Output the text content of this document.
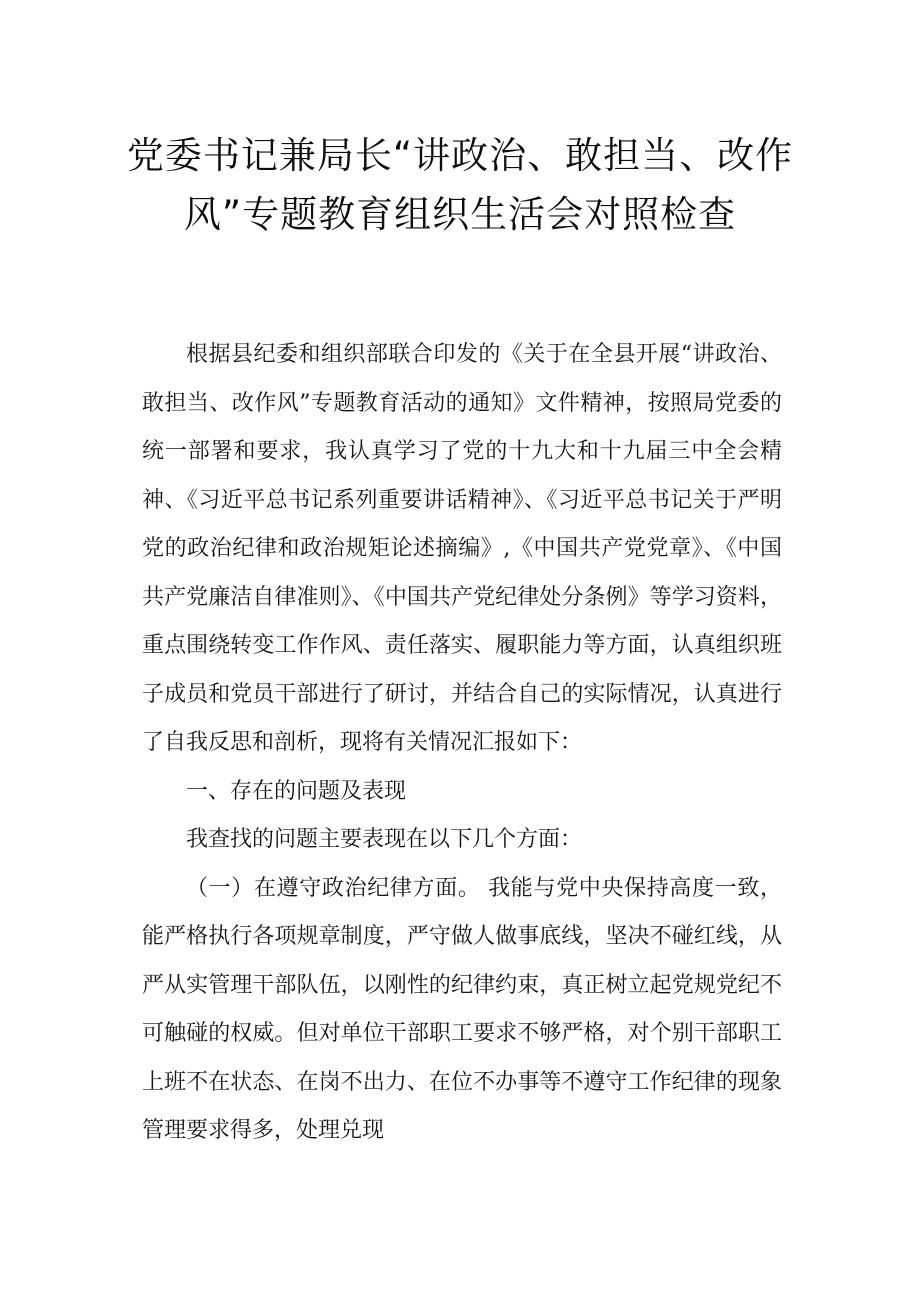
党委书记兼局长“讲政治、敢担当、改作风”专题教育组织生活会对照检查

根据县纪委和组织部联合印发的《关于在全县开展“讲政治、敢担当、改作风”专题教育活动的通知》文件精神，按照局党委的统一部署和要求，我认真学习了党的十九大和十九届三中全会精神、《习近平总书记系列重要讲话精神》、《习近平总书记关于严明党的政治纪律和政治规矩论述摘编》,《中国共产党党章》、《中国共产党廉洁自律准则》、《中国共产党纪律处分条例》等学习资料，重点围绕转变工作作风、责任落实、履职能力等方面，认真组织班子成员和党员干部进行了研讨，并结合自己的实际情况，认真进行了自我反思和剖析，现将有关情况汇报如下：

一、存在的问题及表现

我查找的问题主要表现在以下几个方面：

（一）在遵守政治纪律方面。 我能与党中央保持高度一致，能严格执行各项规章制度，严守做人做事底线，坚决不碰红线，从严从实管理干部队伍，以刚性的纪律约束，真正树立起党规党纪不可触碰的权威。但对单位干部职工要求不够严格，对个别干部职工上班不在状态、在岗不出力、在位不办事等不遵守工作纪律的现象管理要求得多，处理兑现
